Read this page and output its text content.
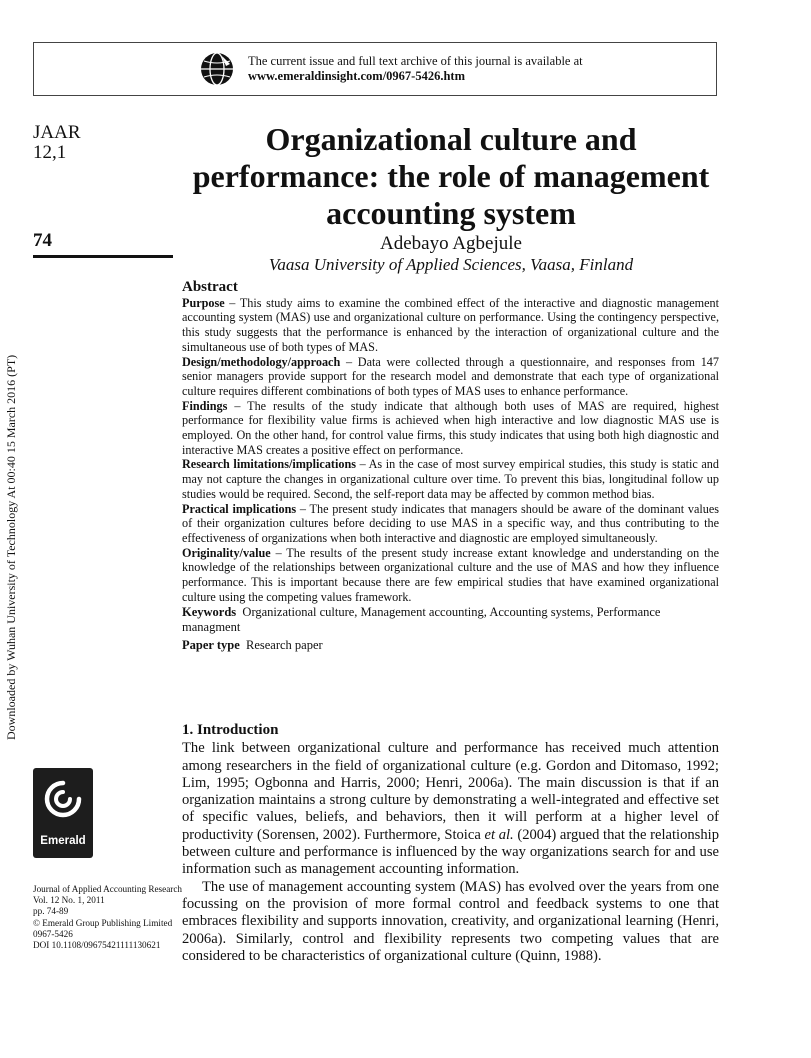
The current issue and full text archive of this journal is available at
www.emeraldinsight.com/0967-5426.htm
Downloaded by Wuhan University of Technology At 00:40 15 March 2016 (PT)
JAAR
12,1
74
Organizational culture and performance: the role of management accounting system
Adebayo Agbejule
Vaasa University of Applied Sciences, Vaasa, Finland
Abstract

Purpose – This study aims to examine the combined effect of the interactive and diagnostic management accounting system (MAS) use and organizational culture on performance. Using the contingency perspective, this study suggests that the performance is enhanced by the interaction of organizational culture and the simultaneous use of both types of MAS.

Design/methodology/approach – Data were collected through a questionnaire, and responses from 147 senior managers provide support for the research model and demonstrate that each type of organizational culture requires different combinations of both types of MAS uses to enhance performance.

Findings – The results of the study indicate that although both uses of MAS are required, highest performance for flexibility value firms is achieved when high interactive and low diagnostic MAS use is employed. On the other hand, for control value firms, this study indicates that using both high diagnostic and interactive MAS creates a positive effect on performance.

Research limitations/implications – As in the case of most survey empirical studies, this study is static and may not capture the changes in organizational culture over time. To prevent this bias, longitudinal follow up studies would be required. Second, the self-report data may be affected by common method bias.

Practical implications – The present study indicates that managers should be aware of the dominant values of their organization cultures before deciding to use MAS in a specific way, and thus contributing to the effectiveness of organizations when both interactive and diagnostic are employed simultaneously.

Originality/value – The results of the present study increase extant knowledge and understanding on the knowledge of the relationships between organizational culture and the use of MAS and how they influence performance. This is important because there are few empirical studies that have examined organizational culture using the competing values framework.

Keywords Organizational culture, Management accounting, Accounting systems, Performance managment
Paper type Research paper
1. Introduction

The link between organizational culture and performance has received much attention among researchers in the field of organizational culture (e.g. Gordon and Ditomaso, 1992; Lim, 1995; Ogbonna and Harris, 2000; Henri, 2006a). The main discussion is that if an organization maintains a strong culture by demonstrating a well-integrated and effective set of specific values, beliefs, and behaviors, then it will perform at a higher level of productivity (Sorensen, 2002). Furthermore, Stoica et al. (2004) argued that the relationship between culture and performance is influenced by the way organizations search for and use information such as management accounting information.

The use of management accounting system (MAS) has evolved over the years from one focussing on the provision of more formal control and feedback systems to one that embraces flexibility and supports innovation, creativity, and organizational learning (Henri, 2006a). Similarly, control and flexibility represents two competing values that are considered to be characteristics of organizational culture (Quinn, 1988).

Emerald
Journal of Applied Accounting Research
Vol. 12 No. 1, 2011
pp. 74-89
© Emerald Group Publishing Limited
0967-5426
DOI 10.1108/09675421111130621
